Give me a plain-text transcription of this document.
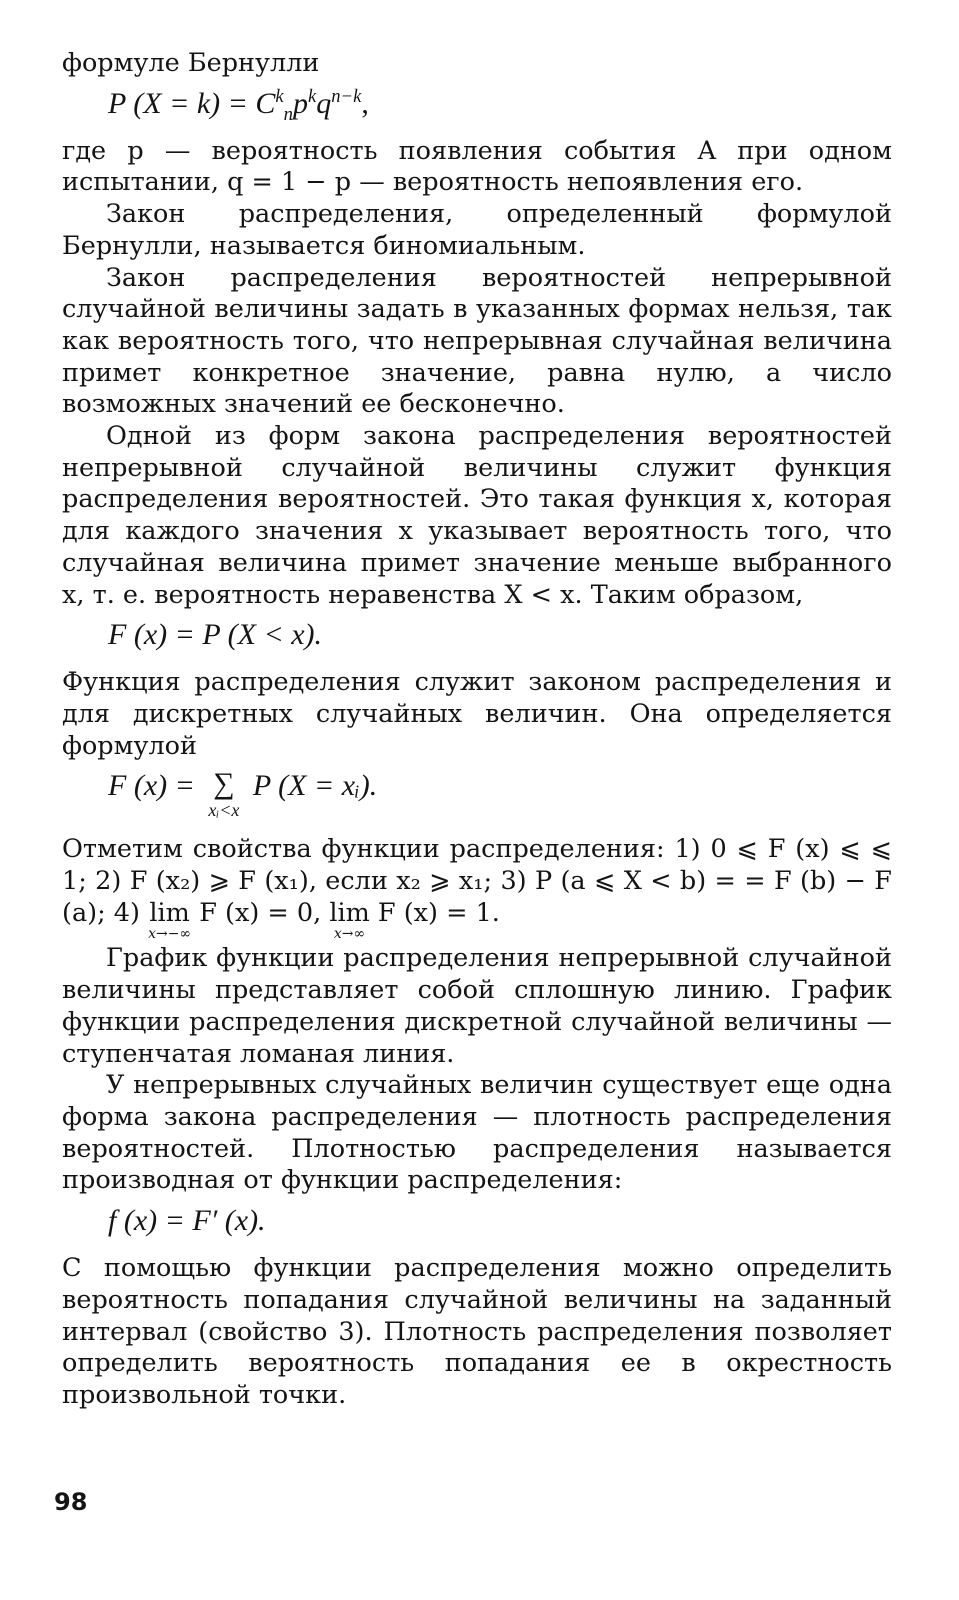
формуле Бернулли

P $(X = k) = C^k_np^kq^{n-k}$,

где p — вероятность появления события A при одном испытании, q = 1 − p — вероятность непоявления его.

Закон распределения, определенный формулой Бернулли, называется биномиальным.

Закон распределения вероятностей непрерывной случайной величины задать в указанных формах нельзя, так как вероятность того, что непрерывная случайная величина примет конкретное значение, равна нулю, а число возможных значений ее бесконечно.

Одной из форм закона распределения вероятностей непрерывной случайной величины служит функция распределения вероятностей. Это такая функция x, которая для каждого значения x указывает вероятность того, что случайная величина примет значение меньше выбранного x, т. е. вероятность неравенства X < x. Таким образом,

F (x) = P (X < x).

Функция распределения служит законом распределения и для дискретных случайных величин. Она определяется формулой

F (x) = ∑
xᵢ<x
P (X = xᵢ).

Отметим свойства функции распределения: 1) 0 ⩽ F (x) ⩽ ⩽ 1; 2) F (x₂) ⩾ F (x₁), если x₂ ⩾ x₁; 3) P (a ⩽ X < b) = = F (b) − F (a); 4) lim
x→−∞
F (x) = 0, lim
x→∞
F (x) = 1.

График функции распределения непрерывной случайной величины представляет собой сплошную линию. График функции распределения дискретной случайной величины — ступенчатая ломаная линия.

У непрерывных случайных величин существует еще одна форма закона распределения — плотность распределения вероятностей. Плотностью распределения называется производная от функции распределения:

f (x) = F′ (x).

С помощью функции распределения можно определить вероятность попадания случайной величины на заданный интервал (свойство 3). Плотность распределения позволяет определить вероятность попадания ее в окрестность произвольной точки.

98
